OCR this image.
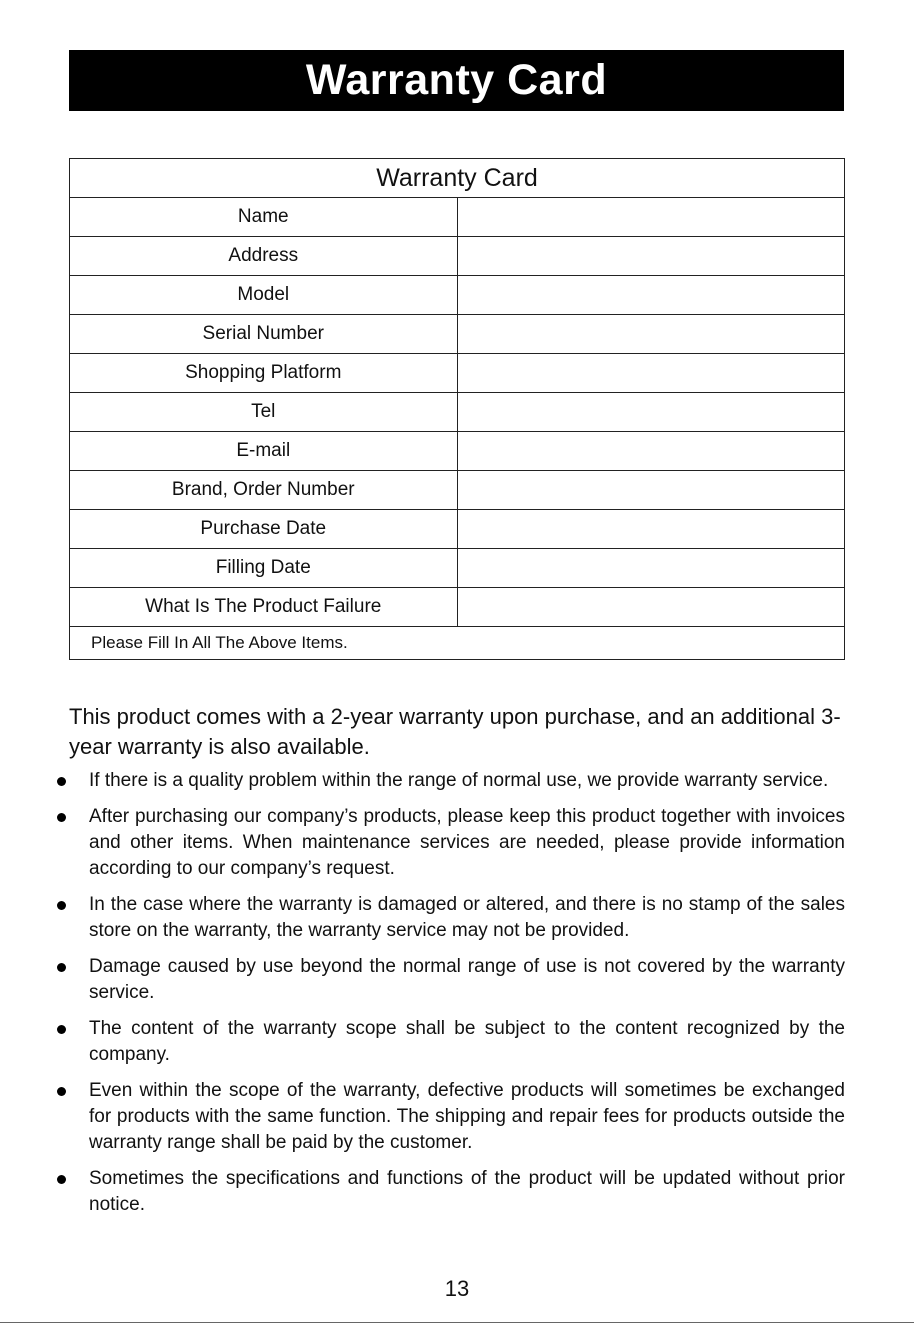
Warranty Card
Warranty Card	
Name	
Address	
Model	
Serial Number	
Shopping Platform	
Tel	
E-mail	
Brand, Order Number	
Purchase Date	
Filling Date	
What Is The Product Failure	
Please Fill In All The Above Items.	

This product comes with a 2-year warranty upon purchase, and an additional 3-year warranty is also available.

If there is a quality problem within the range of normal use, we provide warranty service.
After purchasing our company’s products, please keep this product together with invoices and other items. When maintenance services are needed, please provide information according to our company’s request.
In the case where the warranty is damaged or altered, and there is no stamp of the sales store on the warranty, the warranty service may not be provided.
Damage caused by use beyond the normal range of use is not covered by the warranty service.
The content of the warranty scope shall be subject to the content recognized by the company.
Even within the scope of the warranty, defective products will sometimes be exchanged for products with the same function. The shipping and repair fees for products outside the warranty range shall be paid by the customer.
Sometimes the specifications and functions of the product will be updated without prior notice.
13
